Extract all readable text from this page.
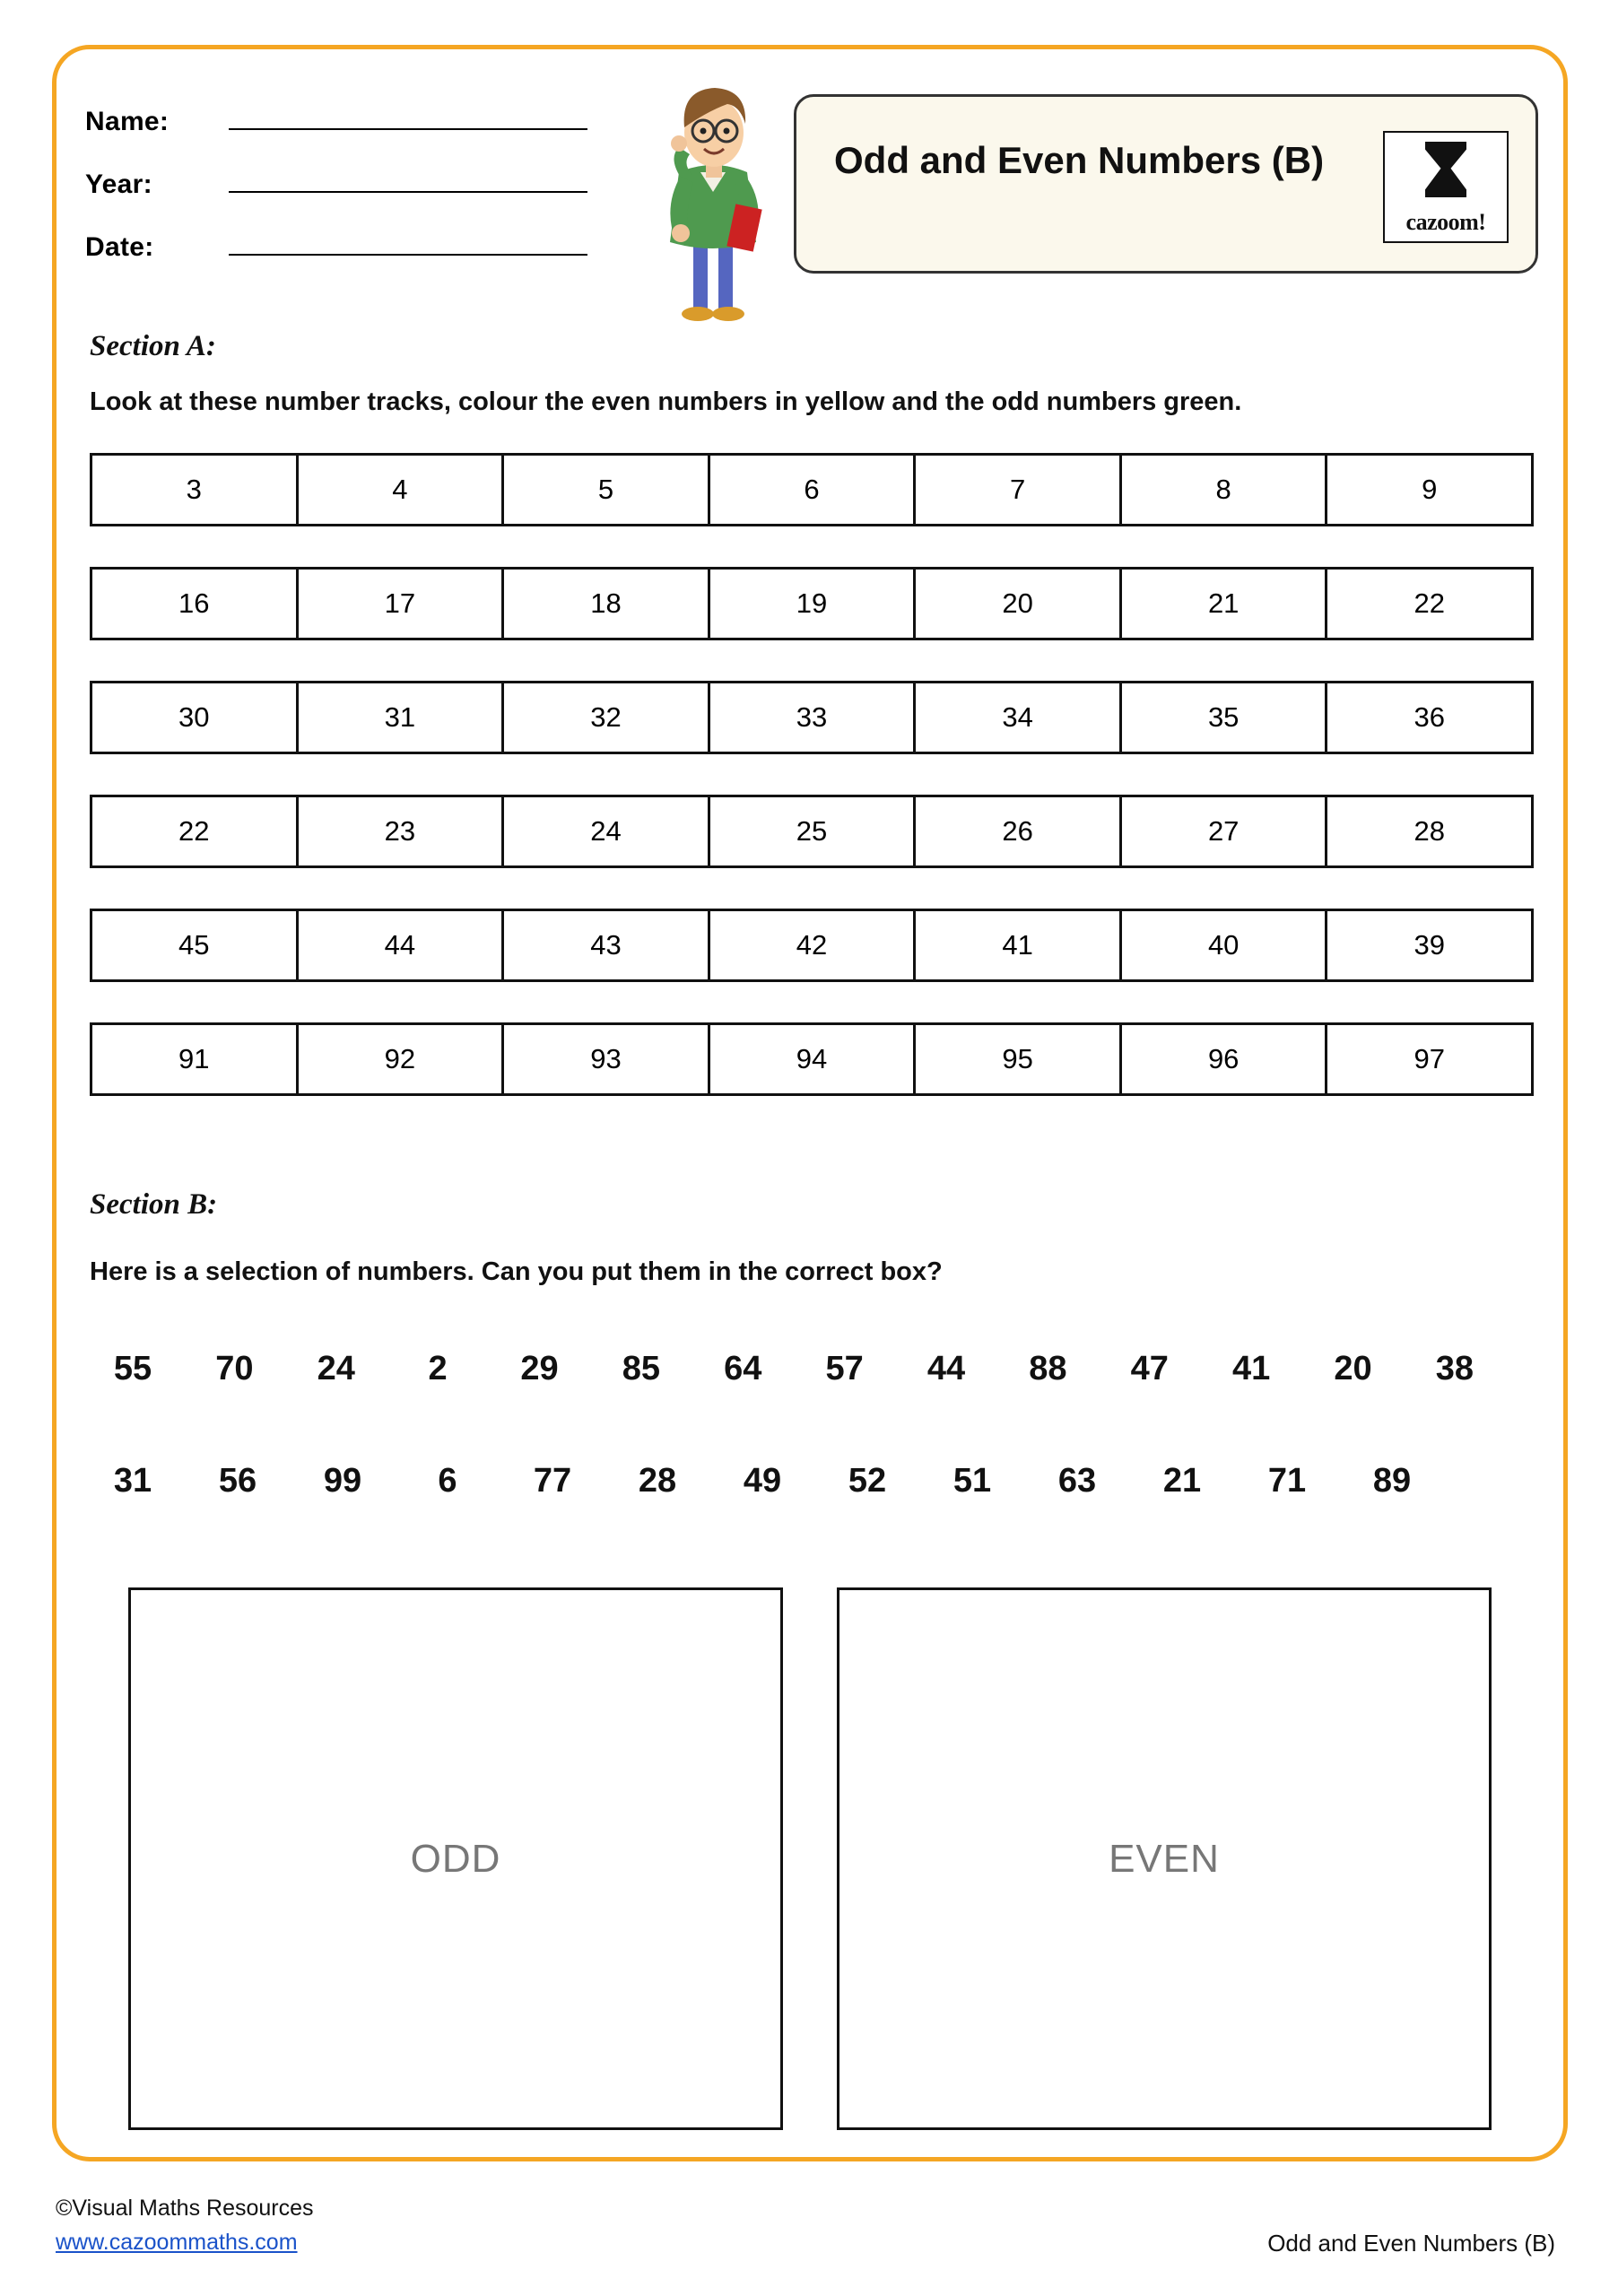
Name:
Year:
Date:
Odd and Even Numbers (B)
cazoom!
Section A:
Look at these number tracks, colour the even numbers in yellow and the odd numbers green.
3	4	5	6	7	8	9
16	17	18	19	20	21	22
30	31	32	33	34	35	36
22	23	24	25	26	27	28
45	44	43	42	41	40	39
91	92	93	94	95	96	97
Section B:
Here is a selection of numbers. Can you put them in the correct box?
55 70 24	2	29 85 64 57 44 88 47 41 20 38
31 56 99	6	77 28 49 52 51 63 21 71 89
ODD	EVEN
©Visual Maths Resources
www.cazoommaths.com	Odd and Even Numbers (B)
